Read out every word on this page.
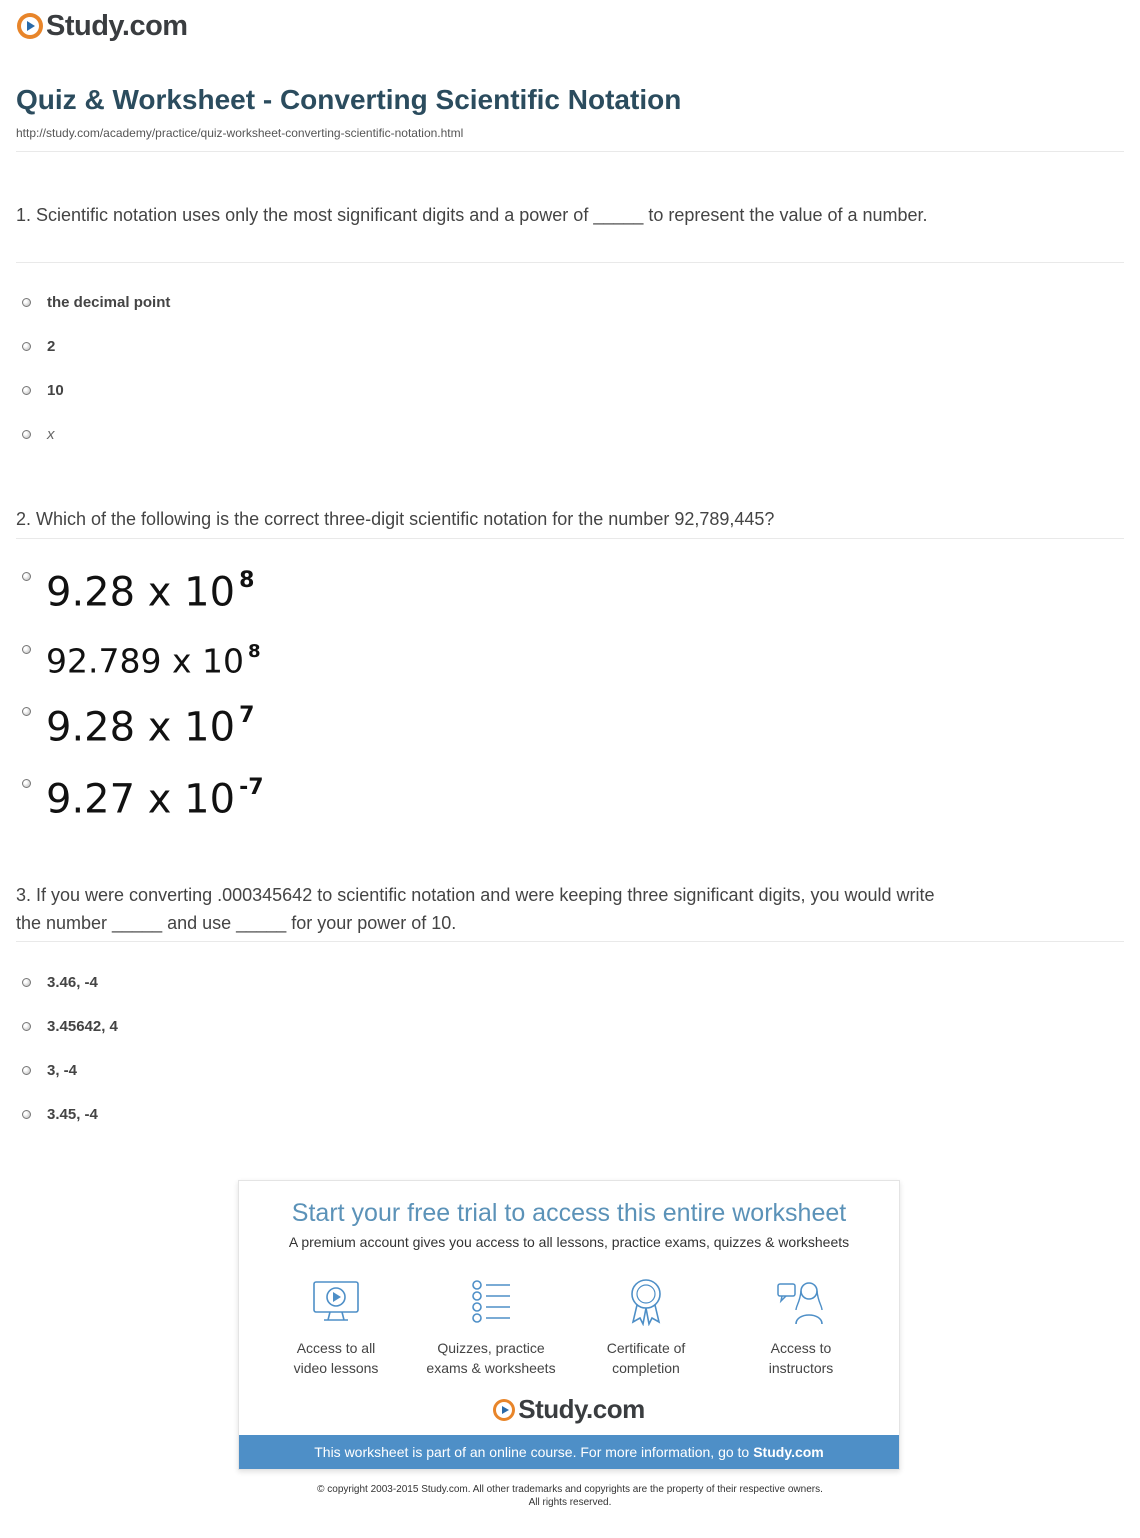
Study.com
Quiz & Worksheet - Converting Scientific Notation
http://study.com/academy/practice/quiz-worksheet-converting-scientific-notation.html
1. Scientific notation uses only the most significant digits and a power of _____ to represent the value of a number.
the decimal point
2
10
x
2. Which of the following is the correct three-digit scientific notation for the number 92,789,445?
9.28 x 10 $^8$
92.789 x 10 $^8$
9.28 x 10 $^7$
9.27 x 10 $^{-7}$
3. If you were converting .000345642 to scientific notation and were keeping three significant digits, you would write the number _____ and use _____ for your power of 10.
3.46, -4
3.45642, 4
3, -4
3.45, -4
Start your free trial to access this entire worksheet
A premium account gives you access to all lessons, practice exams, quizzes & worksheets
Access to all
video lessons
Quizzes, practice
exams & worksheets
Certificate of
completion
Access to
instructors
Study.com
This worksheet is part of an online course. For more information, go to Study.com
© copyright 2003-2015 Study.com. All other trademarks and copyrights are the property of their respective owners.
All rights reserved.
